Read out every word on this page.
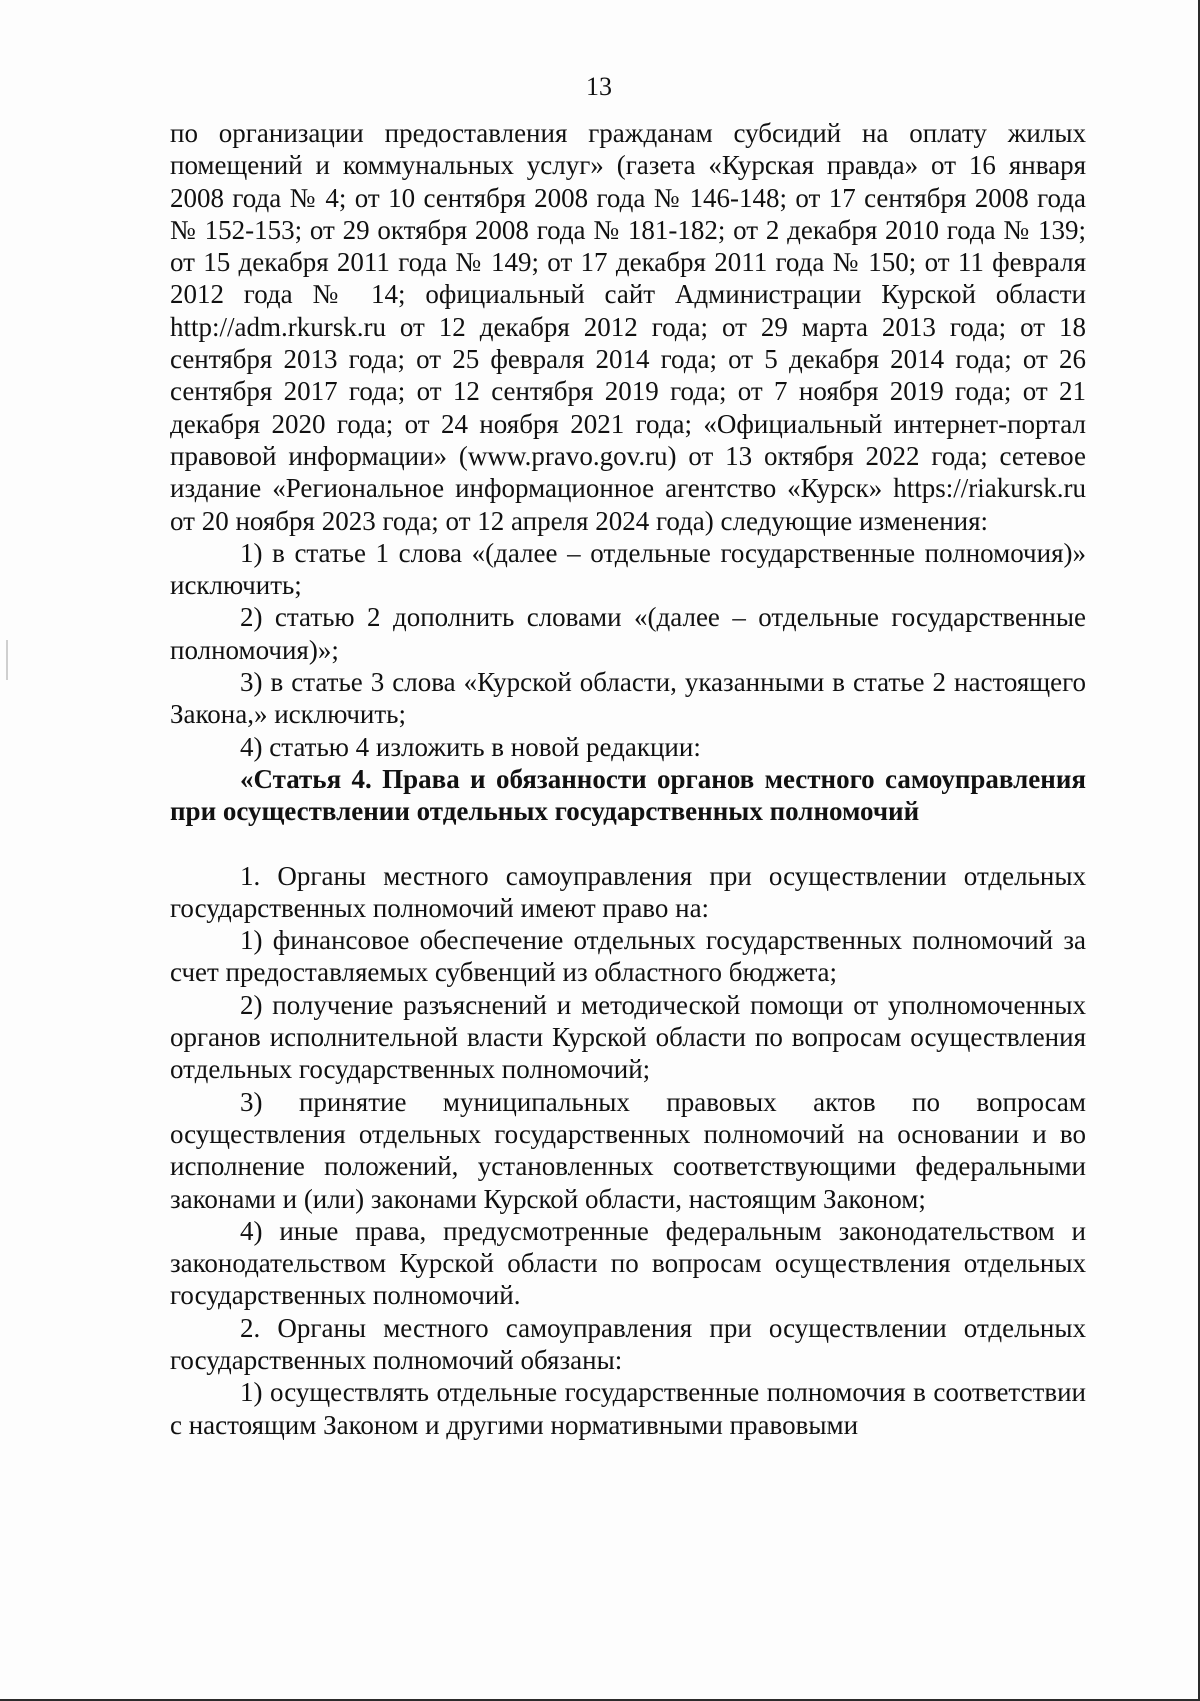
13

по организации предоставления гражданам субсидий на оплату жилых помещений и коммунальных услуг» (газета «Курская правда» от 16 января 2008 года № 4; от 10 сентября 2008 года № 146-148; от 17 сентября 2008 года № 152-153; от 29 октября 2008 года № 181-182; от 2 декабря 2010 года № 139; от 15 декабря 2011 года № 149; от 17 декабря 2011 года № 150; от 11 февраля 2012 года № 14; официальный сайт Администрации Курской области http://adm.rkursk.ru от 12 декабря 2012 года; от 29 марта 2013 года; от 18 сентября 2013 года; от 25 февраля 2014 года; от 5 декабря 2014 года; от 26 сентября 2017 года; от 12 сентября 2019 года; от 7 ноября 2019 года; от 21 декабря 2020 года; от 24 ноября 2021 года; «Официальный интернет-портал правовой информации» (www.pravo.gov.ru) от 13 октября 2022 года; сетевое издание «Региональное информационное агентство «Курск» https://riakursk.ru от 20 ноября 2023 года; от 12 апреля 2024 года) следующие изменения:

1) в статье 1 слова «(далее – отдельные государственные полномочия)» исключить;

2) статью 2 дополнить словами «(далее – отдельные государственные полномочия)»;

3) в статье 3 слова «Курской области, указанными в статье 2 настоящего Закона,» исключить;

4) статью 4 изложить в новой редакции:

«Статья 4. Права и обязанности органов местного самоуправления при осуществлении отдельных государственных полномочий

1. Органы местного самоуправления при осуществлении отдельных государственных полномочий имеют право на:

1) финансовое обеспечение отдельных государственных полномочий за счет предоставляемых субвенций из областного бюджета;

2) получение разъяснений и методической помощи от уполномоченных органов исполнительной власти Курской области по вопросам осуществления отдельных государственных полномочий;

3) принятие муниципальных правовых актов по вопросам осуществления отдельных государственных полномочий на основании и во исполнение положений, установленных соответствующими федеральными законами и (или) законами Курской области, настоящим Законом;

4) иные права, предусмотренные федеральным законодательством и законодательством Курской области по вопросам осуществления отдельных государственных полномочий.

2. Органы местного самоуправления при осуществлении отдельных государственных полномочий обязаны:

1) осуществлять отдельные государственные полномочия в соответствии с настоящим Законом и другими нормативными правовыми
